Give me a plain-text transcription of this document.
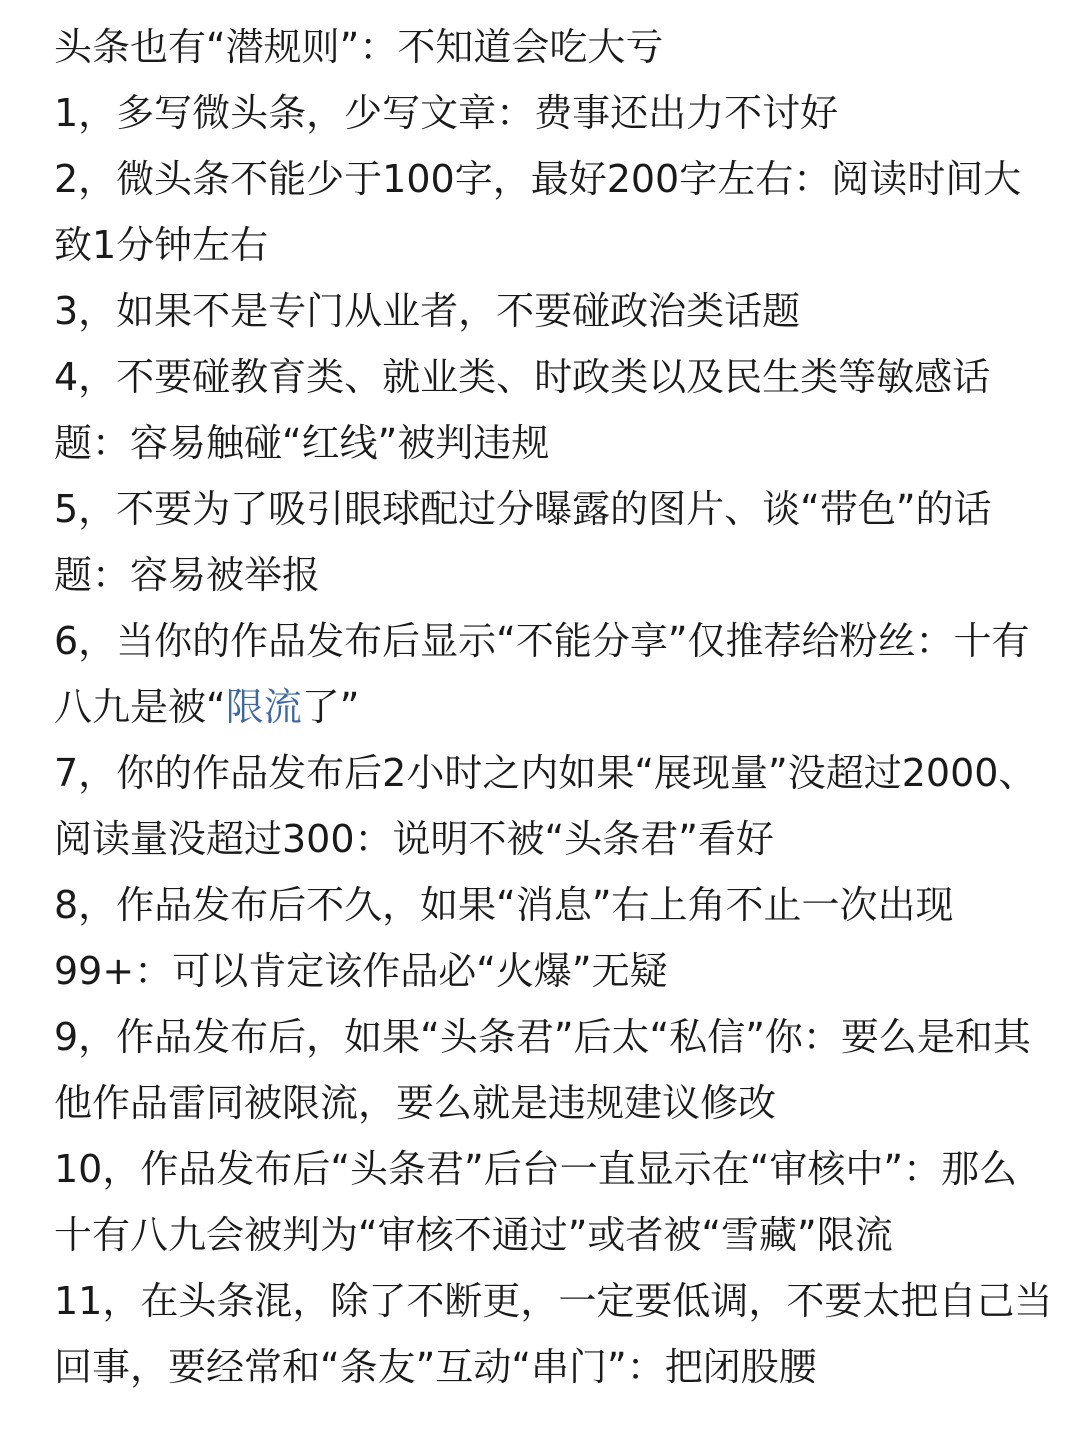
头条也有“潜规则”：不知道会吃大亏

1，多写微头条，少写文章：费事还出力不讨好

2，微头条不能少于100字，最好200字左右：阅读时间大致1分钟左右

3，如果不是专门从业者，不要碰政治类话题

4，不要碰教育类、就业类、时政类以及民生类等敏感话题：容易触碰“红线”被判违规

5，不要为了吸引眼球配过分曝露的图片、谈“带色”的话题：容易被举报

6，当你的作品发布后显示“不能分享”仅推荐给粉丝：十有八九是被“限流了”

7，你的作品发布后2小时之内如果“展现量”没超过2000、阅读量没超过300：说明不被“头条君”看好

8，作品发布后不久，如果“消息”右上角不止一次出现99+：可以肯定该作品必“火爆”无疑

9，作品发布后，如果“头条君”后太“私信”你：要么是和其他作品雷同被限流，要么就是违规建议修改

10，作品发布后“头条君”后台一直显示在“审核中”：那么十有八九会被判为“审核不通过”或者被“雪藏”限流

11，在头条混，除了不断更，一定要低调，不要太把自己当回事，要经常和“条友”互动“串门”：把闭股腰
